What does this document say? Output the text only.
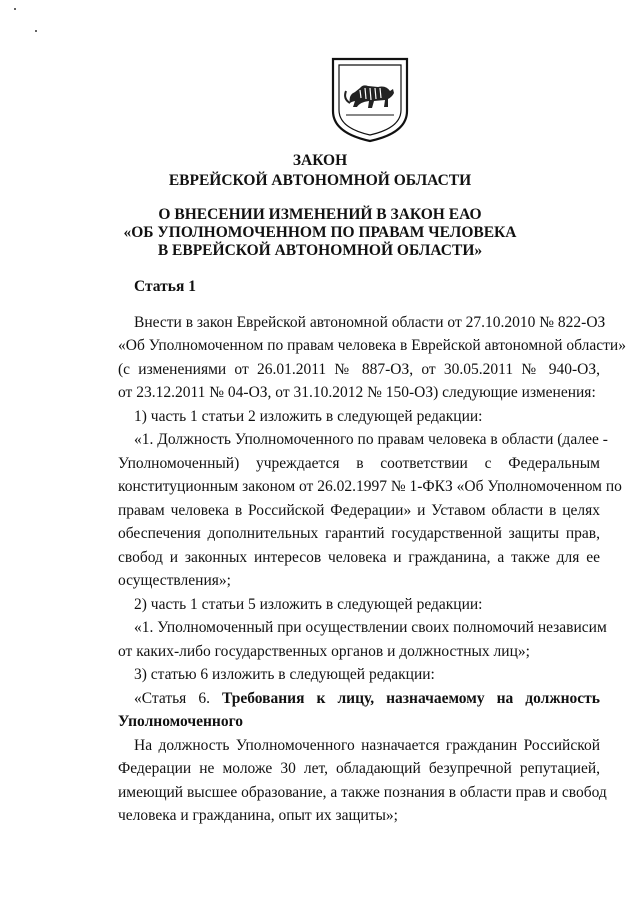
ЗАКОН
ЕВРЕЙСКОЙ АВТОНОМНОЙ ОБЛАСТИ
О ВНЕСЕНИИ ИЗМЕНЕНИЙ В ЗАКОН ЕАО
«ОБ УПОЛНОМОЧЕННОМ ПО ПРАВАМ ЧЕЛОВЕКА
В ЕВРЕЙСКОЙ АВТОНОМНОЙ ОБЛАСТИ»
Статья 1
Внести в закон Еврейской автономной области от 27.10.2010 № 822-ОЗ
«Об Уполномоченном по правам человека в Еврейской автономной области»
(с изменениями от 26.01.2011 № 887-ОЗ, от 30.05.2011 № 940-ОЗ,
от 23.12.2011 № 04-ОЗ, от 31.10.2012 № 150-ОЗ) следующие изменения:
1) часть 1 статьи 2 изложить в следующей редакции:
«1. Должность Уполномоченного по правам человека в области (далее -
Уполномоченный) учреждается в соответствии с Федеральным
конституционным законом от 26.02.1997 № 1-ФКЗ «Об Уполномоченном по
правам человека в Российской Федерации» и Уставом области в целях
обеспечения дополнительных гарантий государственной защиты прав,
свобод и законных интересов человека и гражданина, а также для ее
осуществления»;
2) часть 1 статьи 5 изложить в следующей редакции:
«1. Уполномоченный при осуществлении своих полномочий независим
от каких-либо государственных органов и должностных лиц»;
3) статью 6 изложить в следующей редакции:
«Статья 6. Требования к лицу, назначаемому на должность
Уполномоченного
На должность Уполномоченного назначается гражданин Российской
Федерации не моложе 30 лет, обладающий безупречной репутацией,
имеющий высшее образование, а также познания в области прав и свобод
человека и гражданина, опыт их защиты»;
